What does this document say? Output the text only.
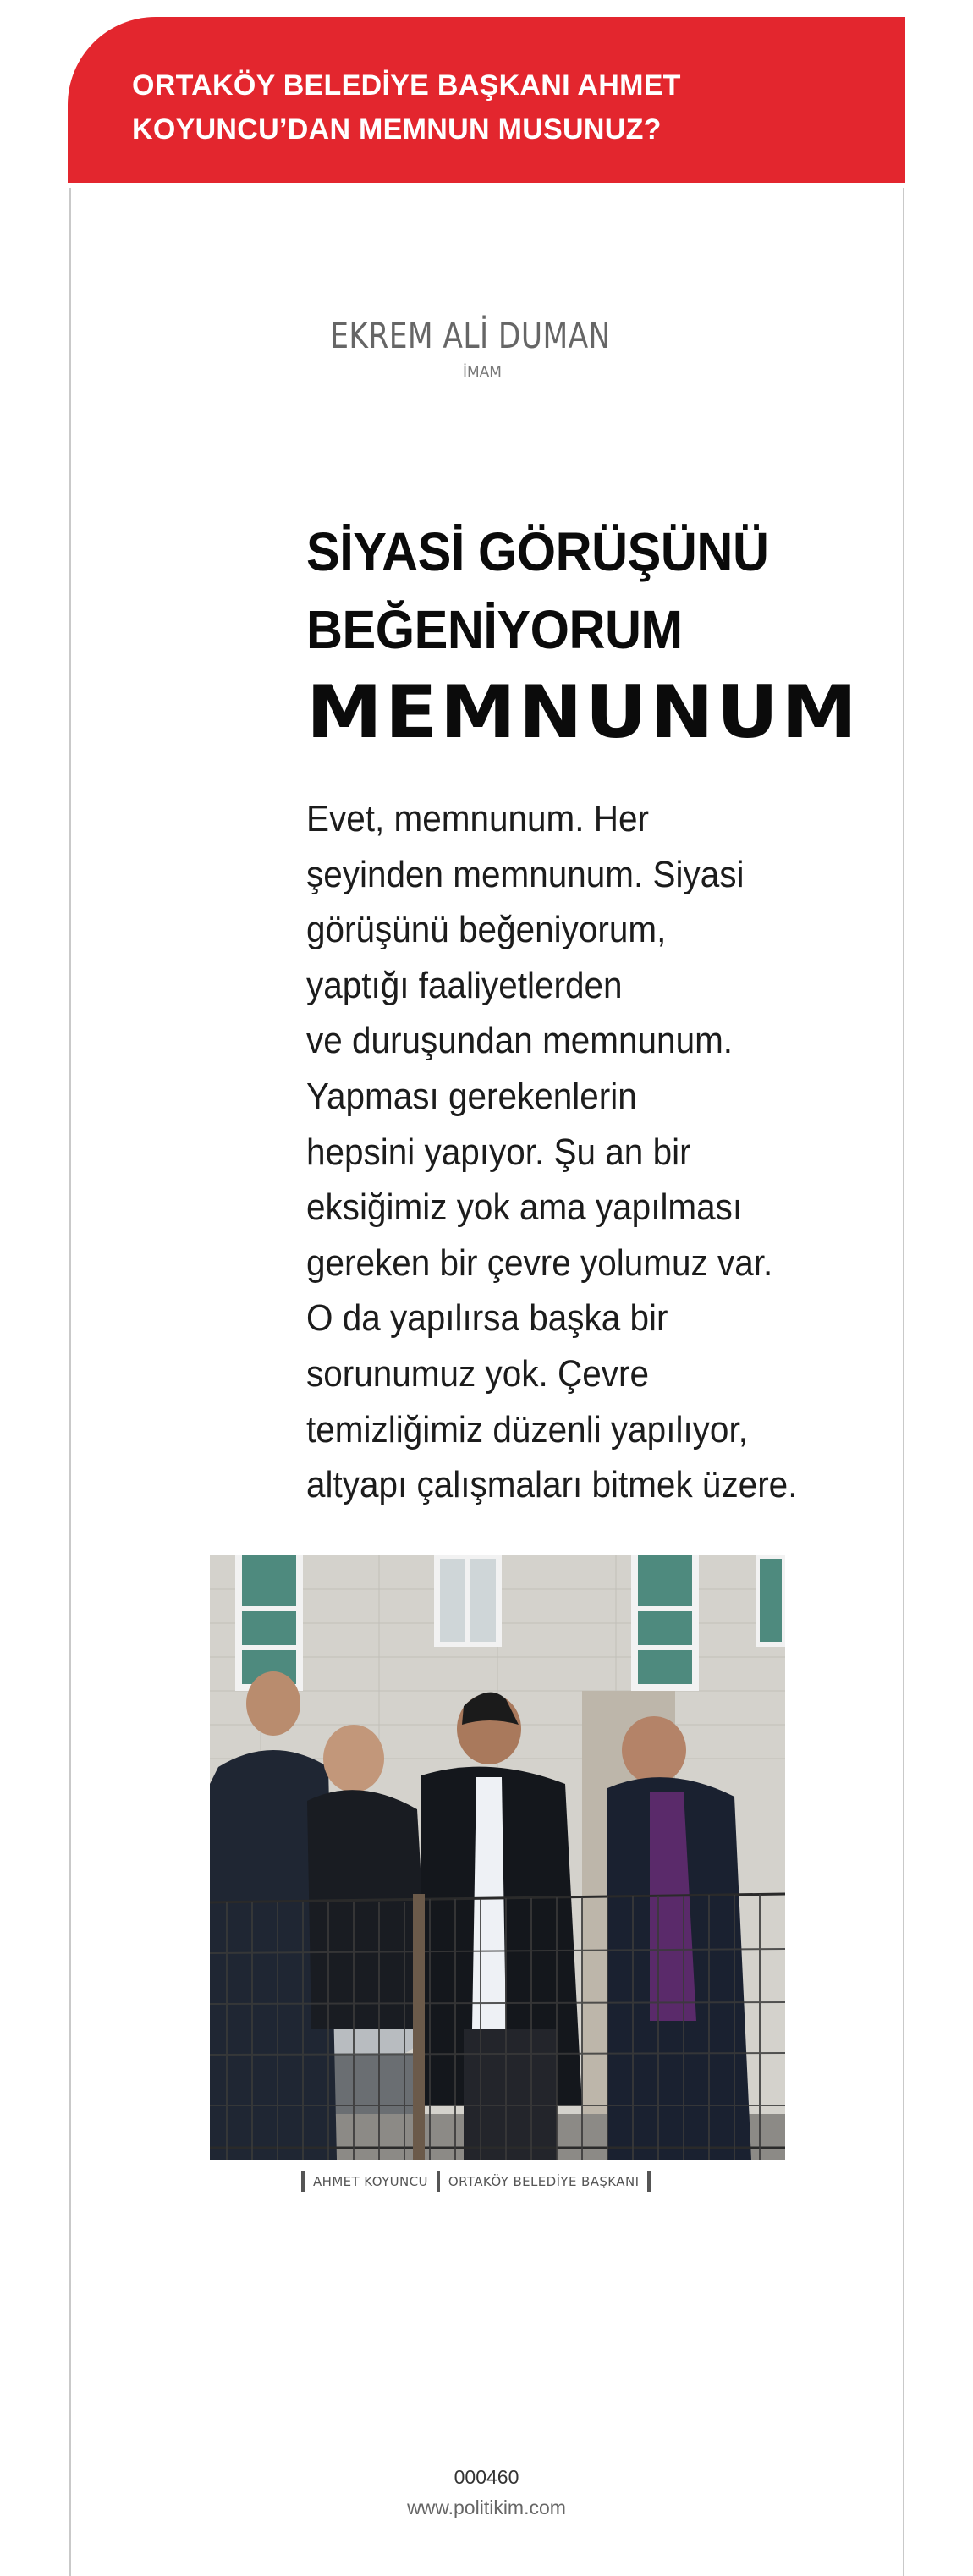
ORTAKÖY BELEDİYE BAŞKANI AHMET
KOYUNCU’DAN MEMNUN MUSUNUZ?
EKREM ALİ DUMAN
İMAM
SİYASİ GÖRÜŞÜNÜ
BEĞENİYORUM
MEMNUNUM
Evet, memnunum. Her
şeyinden memnunum. Siyasi
görüşünü beğeniyorum,
yaptığı faaliyetlerden
ve duruşundan memnunum.
Yapması gerekenlerin
hepsini yapıyor. Şu an bir
eksiğimiz yok ama yapılması
gereken bir çevre yolumuz var.
O da yapılırsa başka bir
sorunumuz yok. Çevre
temizliğimiz düzenli yapılıyor,
altyapı çalışmaları bitmek üzere.
AHMET KOYUNCU ORTAKÖY BELEDİYE BAŞKANI
000460
www.politikim.com
